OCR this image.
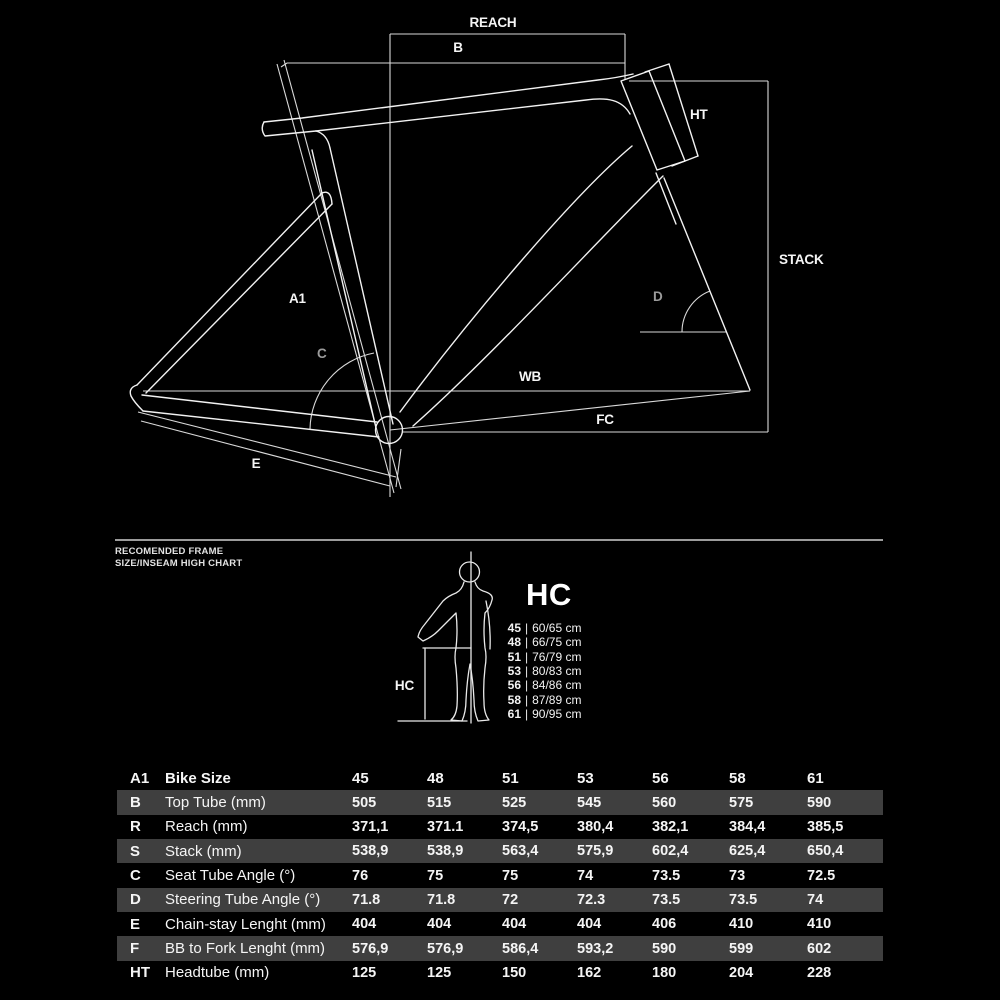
REACH
B
HT
STACK
A1
C
D
WB
FC
E
HC
RECOMENDED FRAME
SIZE/INSEAM HIGH CHART
HC
45 | 60/65 cm
48 | 66/75 cm
51 | 76/79 cm
53 | 80/83 cm
56 | 84/86 cm
58 | 87/89 cm
61 | 90/95 cm
A1	Bike Size	45	48	51	53	56	58	61
B	Top Tube (mm)	505	515	525	545	560	575	590
R	Reach (mm)	371,1	371.1	374,5	380,4	382,1	384,4	385,5
S	Stack (mm)	538,9	538,9	563,4	575,9	602,4	625,4	650,4
C	Seat Tube Angle (°)	76	75	75	74	73.5	73	72.5
D	Steering Tube Angle (°)	71.8	71.8	72	72.3	73.5	73.5	74
E	Chain-stay Lenght (mm)	404	404	404	404	406	410	410
F	BB to Fork Lenght (mm)	576,9	576,9	586,4	593,2	590	599	602
HT	Headtube (mm)	125	125	150	162	180	204	228
